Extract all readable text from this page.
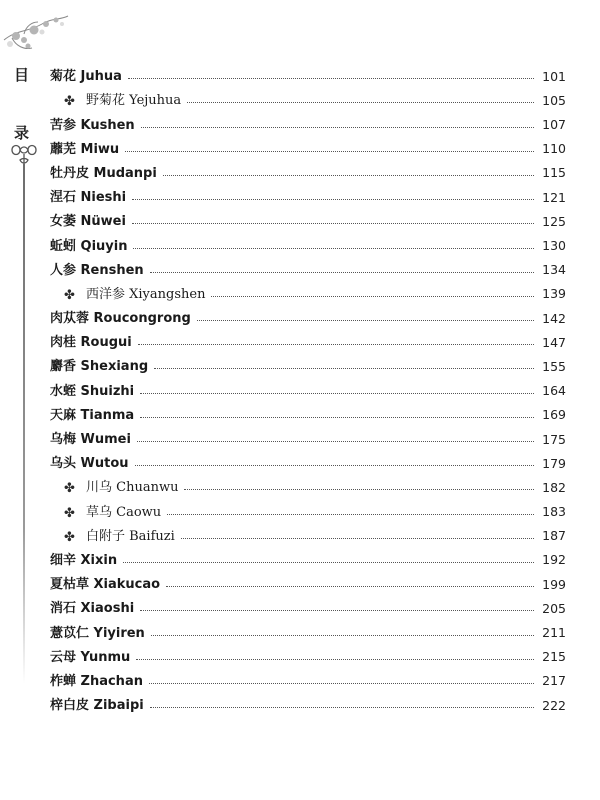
目
录
菊花 Juhua	101
✤ 野菊花 Yejuhua	105
苦参 Kushen	107
蘼芜 Miwu	110
牡丹皮 Mudanpi	115
涅石 Nieshi	121
女萎 Nüwei	125
蚯蚓 Qiuyin	130
人参 Renshen	134
✤ 西洋参 Xiyangshen	139
肉苁蓉 Roucongrong	142
肉桂 Rougui	147
麝香 Shexiang	155
水蛭 Shuizhi	164
天麻 Tianma	169
乌梅 Wumei	175
乌头 Wutou	179
✤ 川乌 Chuanwu	182
✤ 草乌 Caowu	183
✤ 白附子 Baifuzi	187
细辛 Xixin	192
夏枯草 Xiakucao	199
消石 Xiaoshi	205
薏苡仁 Yiyiren	211
云母 Yunmu	215
柞蝉 Zhachan	217
梓白皮 Zibaipi	222
